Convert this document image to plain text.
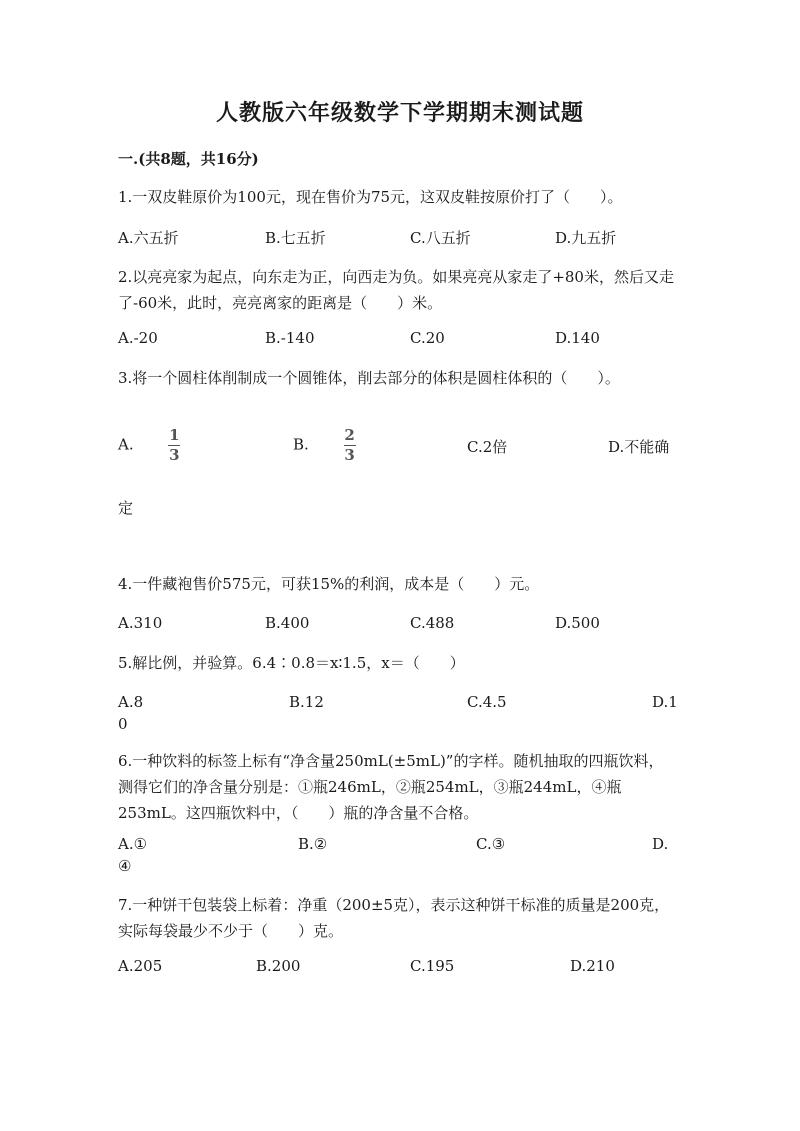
人教版六年级数学下学期期末测试题
一.(共8题，共16分)

1.一双皮鞋原价为100元，现在售价为75元，这双皮鞋按原价打了（　　）。

A.六五折	B.七五折	C.八五折	D.九五折

2.以亮亮家为起点，向东走为正，向西走为负。如果亮亮从家走了+80米，然后又走了-60米，此时，亮亮离家的距离是（　　）米。

A.-20	B.-140	C.20	D.140

3.将一个圆柱体削制成一个圆锥体，削去部分的体积是圆柱体积的（　　）。

A. $\frac{1}{3}$	B. $\frac{2}{3}$	C.2倍	D.不能确
定

4.一件藏袍售价575元，可获15%的利润，成本是（　　）元。

A.310	B.400	C.488	D.500

5.解比例，并验算。6.4∶0.8＝x∶1.5，x＝（　　）

A.8	B.12	C.4.5	D.1
0

6.一种饮料的标签上标有“净含量250mL(±5mL)”的字样。随机抽取的四瓶饮料，测得它们的净含量分别是：①瓶246mL，②瓶254mL，③瓶244mL，④瓶253mL。这四瓶饮料中，（　　）瓶的净含量不合格。

A.①	B.②	C.③	D.
④

7.一种饼干包装袋上标着：净重（200±5克），表示这种饼干标准的质量是200克，实际每袋最少不少于（　　）克。

A.205	B.200	C.195	D.210
